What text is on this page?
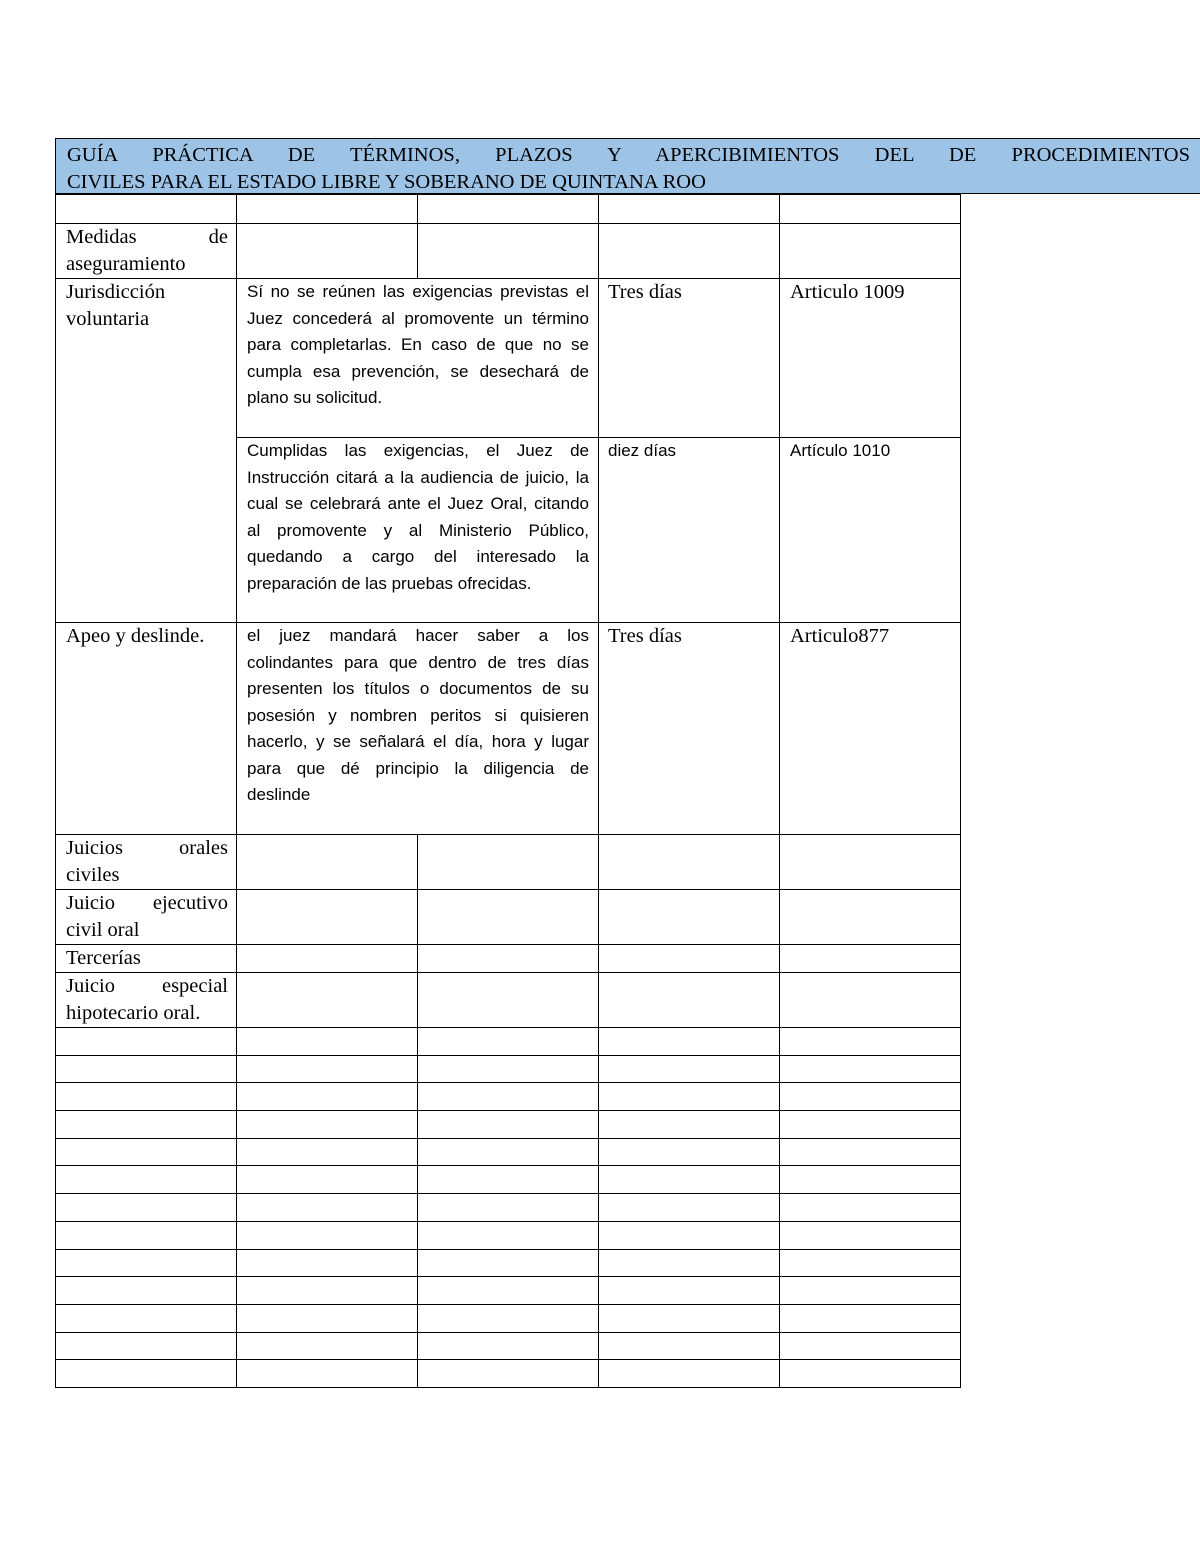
GUÍA PRÁCTICA DE TÉRMINOS, PLAZOS Y APERCIBIMIENTOS DEL DE PROCEDIMIENTOS
CIVILES PARA EL ESTADO LIBRE Y SOBERANO DE QUINTANA ROO

Medidas de aseguramiento				
Jurisdicción voluntaria	Sí no se reúnen las exigencias previstas el Juez concederá al promovente un término para completarlas. En caso de que no se cumpla esa prevención, se desechará de plano su solicitud.		Tres días	Articulo 1009

	Cumplidas las exigencias, el Juez de Instrucción citará a la audiencia de juicio, la cual se celebrará ante el Juez Oral, citando al promovente y al Ministerio Público, quedando a cargo del interesado la preparación de las pruebas ofrecidas.		diez días	Artículo 1010
Apeo y deslinde.	el juez mandará hacer saber a los colindantes para que dentro de tres días presenten los títulos o documentos de su posesión y nombren peritos si quisieren hacerlo, y se señalará el día, hora y lugar para que dé principio la diligencia de deslinde		Tres días	Articulo877
Juicios orales civiles				
Juicio ejecutivo civil oral				
Tercerías				
Juicio especial hipotecario oral.				
